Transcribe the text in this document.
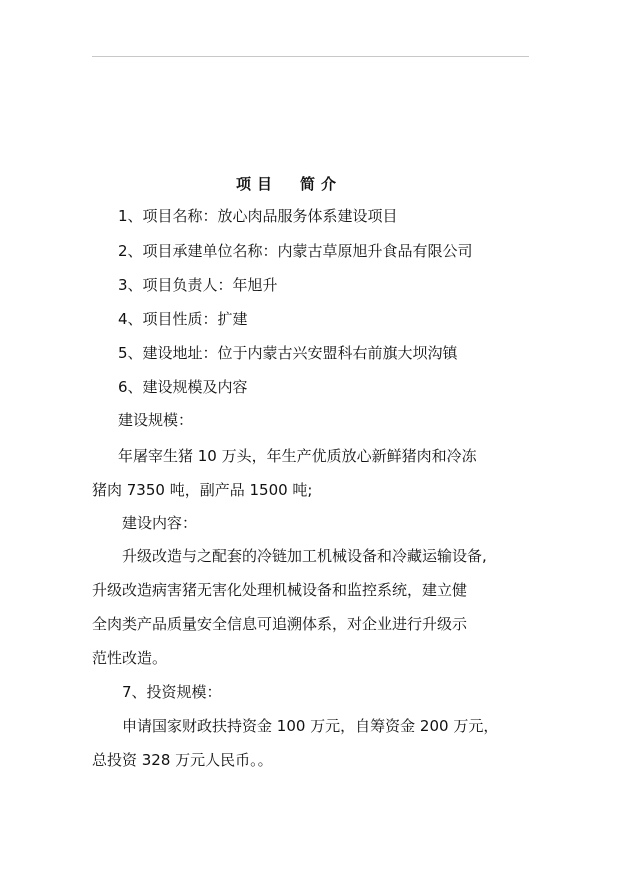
项目 简介
1、项目名称：放心肉品服务体系建设项目
2、项目承建单位名称：内蒙古草原旭升食品有限公司
3、项目负责人：年旭升
4、项目性质：扩建
5、建设地址：位于内蒙古兴安盟科右前旗大坝沟镇
6、建设规模及内容
建设规模：
年屠宰生猪 10 万头，年生产优质放心新鲜猪肉和冷冻
猪肉 7350 吨，副产品 1500 吨;
建设内容：
升级改造与之配套的冷链加工机械设备和冷藏运输设备,
升级改造病害猪无害化处理机械设备和监控系统，建立健
全肉类产品质量安全信息可追溯体系，对企业进行升级示
范性改造。
7、投资规模：
申请国家财政扶持资金 100 万元，自筹资金 200 万元，
总投资 328 万元人民币。。
